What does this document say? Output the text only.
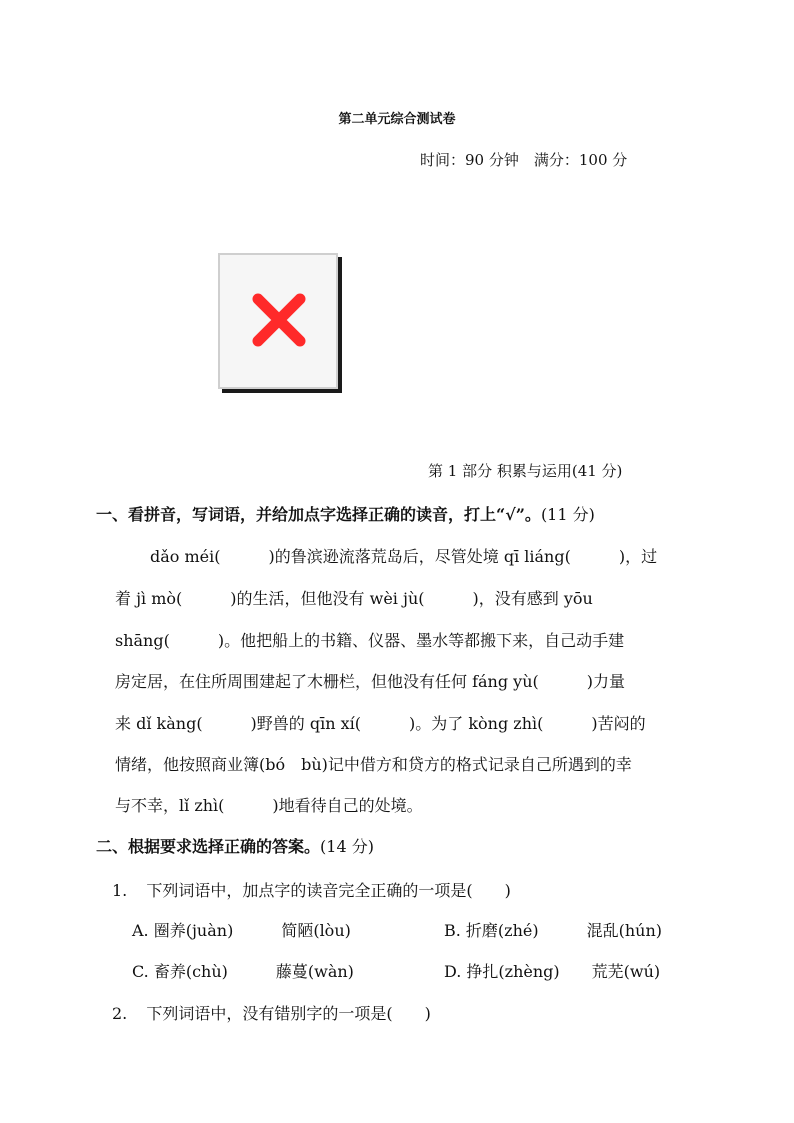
第二单元综合测试卷
时间：90 分钟　满分：100 分
第 1 部分 积累与运用(41 分)
一、看拼音，写词语，并给加点字选择正确的读音，打上“√”。(11 分)
dǎo méi(　　　)的鲁滨逊流落荒岛后，尽管处境 qī liáng(　　　)，过
着 jì mò(　　　)的生活，但他没有 wèi jù(　　　)，没有感到 yōu
shāng(　　　)。他把船上的书籍、仪器、墨水等都搬下来，自己动手建
房定居，在住所周围建起了木栅栏，但他没有任何 fáng yù(　　　)力量
来 dǐ kàng(　　　)野兽的 qīn xí(　　　)。为了 kòng zhì(　　　)苦闷的
情绪，他按照商业簿(bó　bù)记中借方和贷方的格式记录自己所遇到的幸
与不幸，lǐ zhì(　　　)地看待自己的处境。
二、根据要求选择正确的答案。(14 分)
1. 下列词语中，加点字的读音完全正确的一项是(　　)
A. 圈养(juàn)　　　简陋(lòu)	B. 折磨(zhé)　　　混乱(hún)
C. 畜养(chù)　　　藤蔓(wàn)	D. 挣扎(zhèng)　　荒芜(wú)
2. 下列词语中，没有错别字的一项是(　　)
